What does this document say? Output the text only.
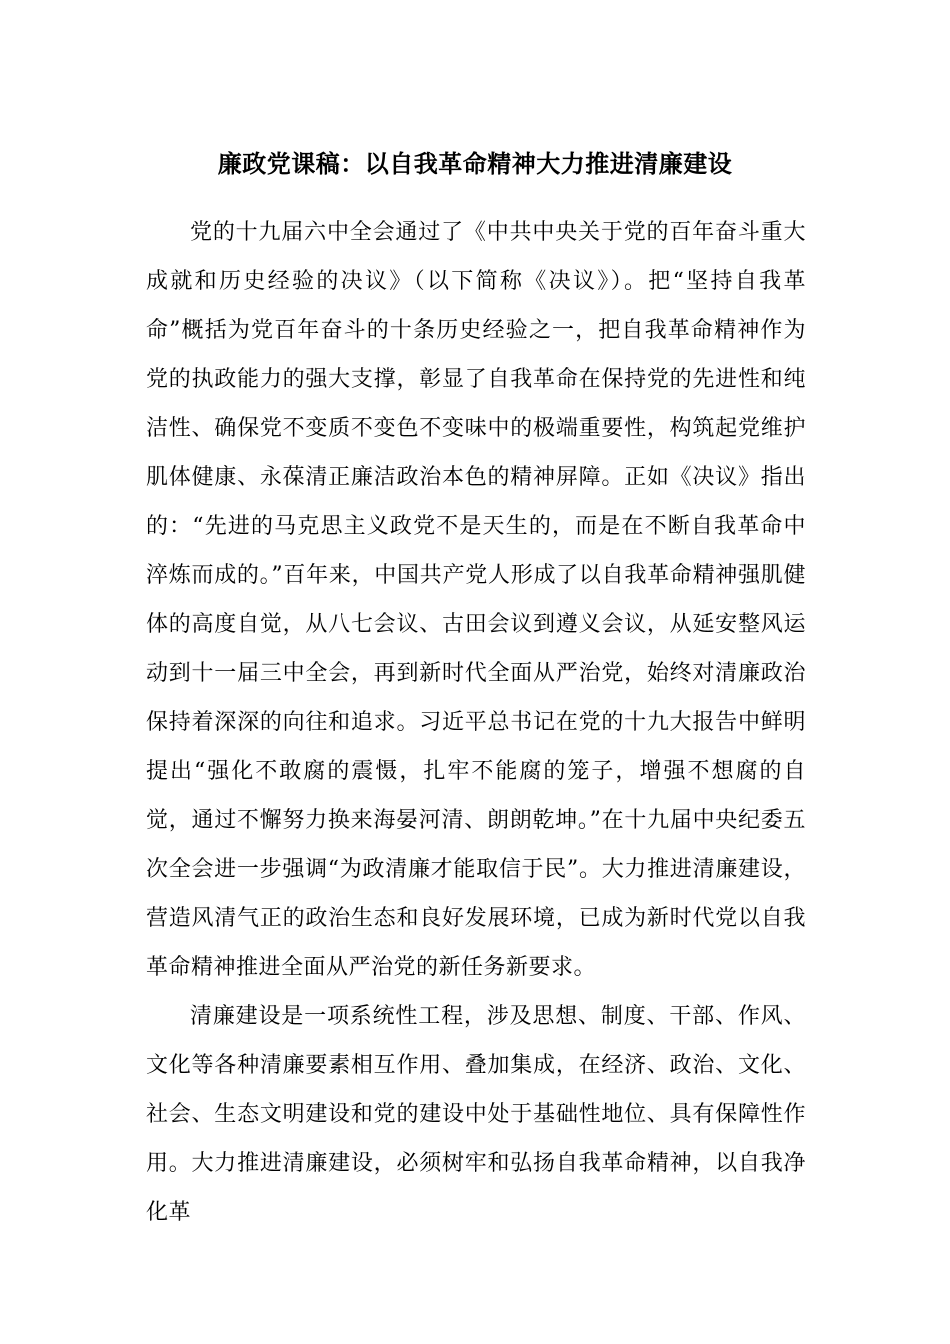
廉政党课稿：以自我革命精神大力推进清廉建设

党的十九届六中全会通过了《中共中央关于党的百年奋斗重大成就和历史经验的决议》（以下简称《决议》）。把“坚持自我革命”概括为党百年奋斗的十条历史经验之一，把自我革命精神作为党的执政能力的强大支撑，彰显了自我革命在保持党的先进性和纯洁性、确保党不变质不变色不变味中的极端重要性，构筑起党维护肌体健康、永葆清正廉洁政治本色的精神屏障。正如《决议》指出的：“先进的马克思主义政党不是天生的，而是在不断自我革命中淬炼而成的。”百年来，中国共产党人形成了以自我革命精神强肌健体的高度自觉，从八七会议、古田会议到遵义会议，从延安整风运动到十一届三中全会，再到新时代全面从严治党，始终对清廉政治保持着深深的向往和追求。习近平总书记在党的十九大报告中鲜明提出“强化不敢腐的震慑，扎牢不能腐的笼子，增强不想腐的自觉，通过不懈努力换来海晏河清、朗朗乾坤。”在十九届中央纪委五次全会进一步强调“为政清廉才能取信于民”。大力推进清廉建设，营造风清气正的政治生态和良好发展环境，已成为新时代党以自我革命精神推进全面从严治党的新任务新要求。

清廉建设是一项系统性工程，涉及思想、制度、干部、作风、文化等各种清廉要素相互作用、叠加集成，在经济、政治、文化、社会、生态文明建设和党的建设中处于基础性地位、具有保障性作用。大力推进清廉建设，必须树牢和弘扬自我革命精神，以自我净化革
